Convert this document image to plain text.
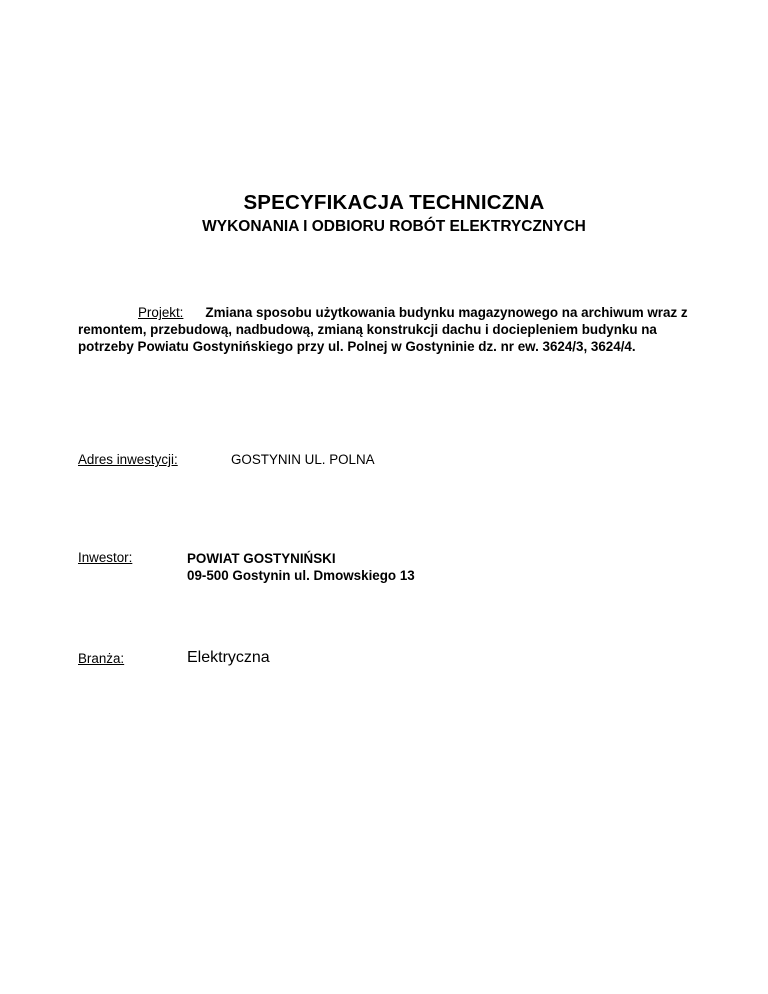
SPECYFIKACJA TECHNICZNA
WYKONANIA I ODBIORU ROBÓT ELEKTRYCZNYCH
Projekt: Zmiana sposobu użytkowania budynku magazynowego na archiwum wraz z remontem, przebudową, nadbudową, zmianą konstrukcji dachu i dociepleniem budynku na potrzeby Powiatu Gostynińskiego przy ul. Polnej w Gostyninie dz. nr ew. 3624/3, 3624/4.
Adres inwestycji:	GOSTYNIN UL. POLNA
Inwestor:	POWIAT GOSTYNIŃSKI
09-500 Gostynin ul. Dmowskiego 13
Branża:	Elektryczna
